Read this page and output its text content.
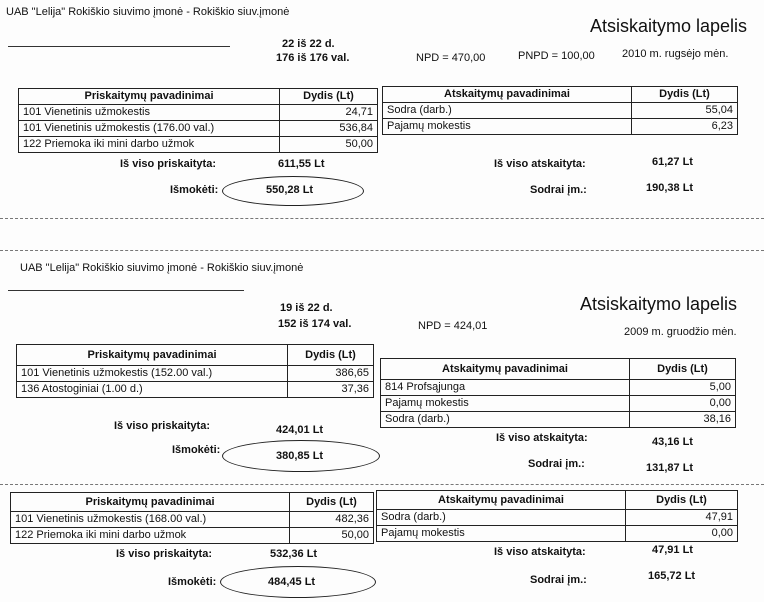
UAB "Lelija" Rokiškio siuvimo įmonė - Rokiškio siuv.įmonė
Atsiskaitymo lapelis
22 iš 22 d.
176 iš 176 val.	NPD = 470,00	PNPD = 100,00 2010 m. rugsėjo mėn.
Priskaitymų pavadinimai	Dydis (Lt)
101 Vienetinis užmokestis	24,71
101 Vienetinis užmokestis (176.00 val.)	536,84
122 Priemoka iki mini darbo užmok	50,00
Atskaitymų pavadinimai	Dydis (Lt)
Sodra (darb.)	55,04
Pajamų mokestis	6,23
Iš viso priskaityta:	611,55 Lt	Iš viso atskaityta:	61,27 Lt
Išmokėti:	550,28 Lt	Sodrai įm.:	190,38 Lt
UAB "Lelija" Rokiškio siuvimo įmonė - Rokiškio siuv.įmonė
19 iš 22 d.
152 iš 174 val.	NPD = 424,01
Atsiskaitymo lapelis
2009 m. gruodžio mėn.
Priskaitymų pavadinimai	Dydis (Lt)
101 Vienetinis užmokestis (152.00 val.)	386,65
136 Atostoginiai (1.00 d.)	37,36
Atskaitymų pavadinimai	Dydis (Lt)
814 Profsąjunga	5,00
Pajamų mokestis	0,00
Sodra (darb.)	38,16
Iš viso priskaityta:	424,01 Lt
Iš viso atskaityta:	43,16 Lt
Išmokėti:	380,85 Lt
Sodrai įm.:	131,87 Lt
Priskaitymų pavadinimai	Dydis (Lt)
101 Vienetinis užmokestis (168.00 val.)	482,36
122 Priemoka iki mini darbo užmok	50,00
Atskaitymų pavadinimai	Dydis (Lt)
Sodra (darb.)	47,91
Pajamų mokestis	0,00
Iš viso priskaityta:	532,36 Lt	Iš viso atskaityta:	47,91 Lt
Išmokėti:	484,45 Lt	Sodrai įm.:	165,72 Lt
